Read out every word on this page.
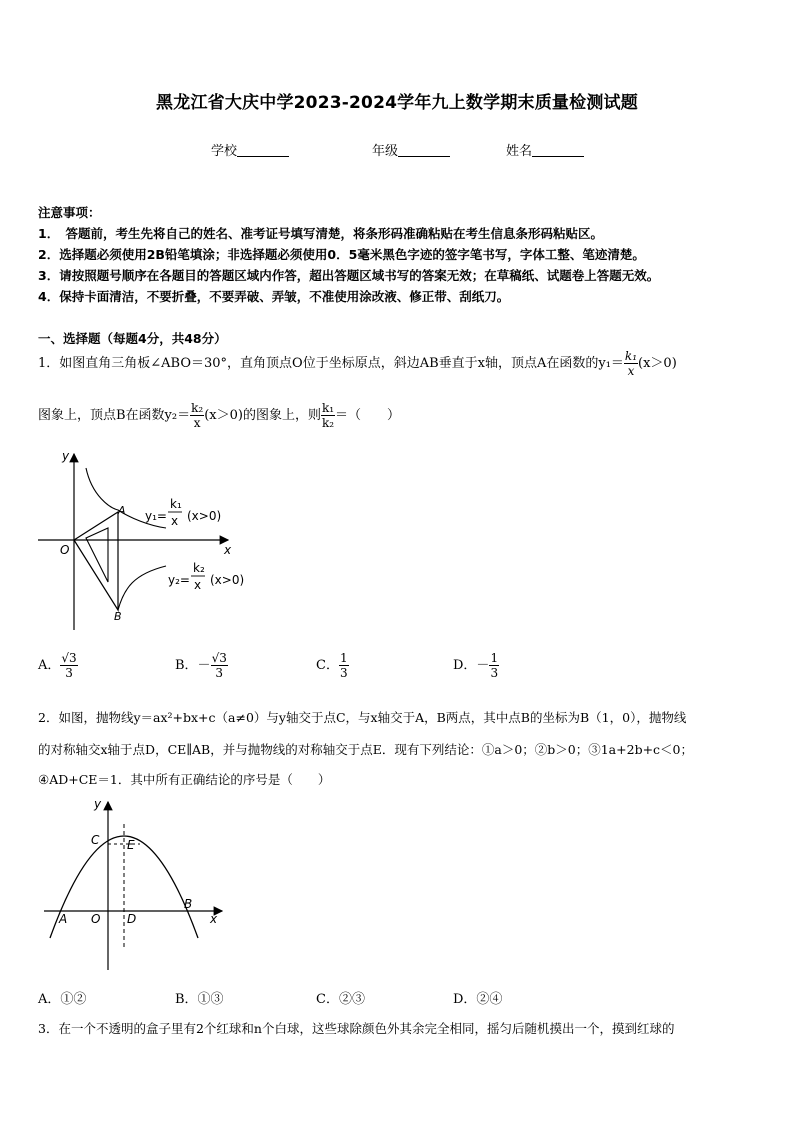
黑龙江省大庆中学2023-2024学年九上数学期末质量检测试题
学校	年级	姓名
注意事项：
1．　答题前，考生先将自己的姓名、准考证号填写清楚，将条形码准确粘贴在考生信息条形码粘贴区。
2．选择题必须使用2B铅笔填涂；非选择题必须使用0．5毫米黑色字迹的签字笔书写，字体工整、笔迹清楚。
3．请按照题号顺序在各题目的答题区域内作答，超出答题区域书写的答案无效；在草稿纸、试题卷上答题无效。
4．保持卡面清洁，不要折叠，不要弄破、弄皱，不准使用涂改液、修正带、刮纸刀。
一、选择题（每题4分，共48分）
1．如图直角三角板∠ABO＝30°，直角顶点O位于坐标原点，斜边AB垂直于x轴，顶点A在函数的$y_1= \frac{\text{k₁}}{x} (x>0)$
图象上，顶点B在函数$y_2= \frac{\text{k₂}}{x} (x>0)$的图象上，则 $\frac{\text{k₁}}{\text{k₂}}$ ＝（　　）
y
x
O
A
B
y₁=
k₁
x (x>0)
y₂=
k₂
x (x>0)
A． $\frac{√3}{3}$	B．－ $\frac{√3}{3}$	C． $\frac{1}{3}$	D．－ $\frac{1}{3}$
2．如图，抛物线y＝ax²+bx+c（a≠0）与y轴交于点C，与x轴交于A，B两点，其中点B的坐标为B（1，0），抛物线
的对称轴交x轴于点D，CE∥AB，并与抛物线的对称轴交于点E．现有下列结论：①a＞0；②b＞0；③1a+2b+c＜0；
④AD+CE＝1．其中所有正确结论的序号是（　　）
y
x
O
A
B
C
D
E
A．①②	B．①③	C．②③	D．②④
3．在一个不透明的盒子里有2个红球和n个白球，这些球除颜色外其余完全相同，摇匀后随机摸出一个，摸到红球的
